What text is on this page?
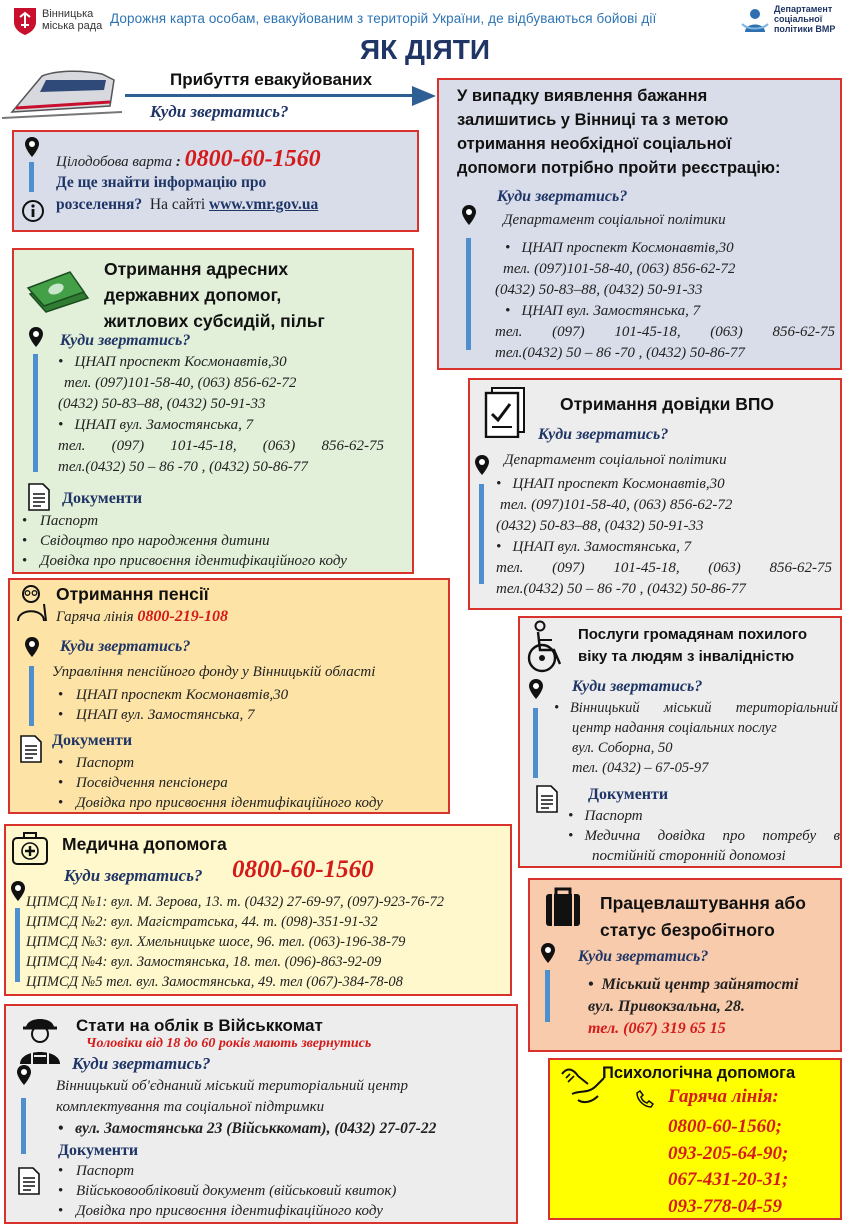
Вінницька міська рада Дорожня карта особам, евакуйованим з територій України, де відбуваються бойові дії
Департамент соціальної політики ВМР
ЯК ДІЯТИ
Прибуття евакуйованих
Куди звертатись?
Цілодобова варта : 0800-60-1560
Де ще знайти інформацію про
розселення? На сайті www.vmr.gov.ua
У випадку виявлення бажання
залишитись у Вінниці та з метою
отримання необхідної соціальної
допомоги потрібно пройти реєстрацію:
Куди звертатись?
Департамент соціальної політики
•   ЦНАП проспект Космонавтів,30
тел. (097)101-58-40, (063) 856-62-72
(0432) 50-83–88, (0432) 50-91-33
•   ЦНАП вул. Замостянська, 7
тел. (097) 101-45-18, (063) 856-62-75
тел.(0432) 50 – 86 -70 , (0432) 50-86-77
Отримання адресних
державних допомог,
житлових субсидій, пільг
Куди звертатись?
•   ЦНАП проспект Космонавтів,30
тел. (097)101-58-40, (063) 856-62-72
(0432) 50-83–88, (0432) 50-91-33
•   ЦНАП вул. Замостянська, 7
тел. (097) 101-45-18, (063) 856-62-75
тел.(0432) 50 – 86 -70 , (0432) 50-86-77
Документи
• Паспорт
• Свідоцтво про народження дитини
• Довідка про присвоєння ідентифікаційного коду
Отримання довідки ВПО
Куди звертатись?
Департамент соціальної політики
•   ЦНАП проспект Космонавтів,30
тел. (097)101-58-40, (063) 856-62-72
(0432) 50-83–88, (0432) 50-91-33
•   ЦНАП вул. Замостянська, 7
тел. (097) 101-45-18, (063) 856-62-75
тел.(0432) 50 – 86 -70 , (0432) 50-86-77
Отримання пенсії
Гаряча лінія 0800-219-108
Куди звертатись?
Управління пенсійного фонду у Вінницькій області
• ЦНАП проспект Космонавтів,30
• ЦНАП вул. Замостянська, 7
Документи
• Паспорт
• Посвідчення пенсіонера
• Довідка про присвоєння ідентифікаційного коду
Послуги громадянам похилого
віку та людям з інвалідністю
Куди звертатись?
•   Вінницький міський територіальний
центр надання соціальних послуг
вул. Соборна, 50
тел. (0432) – 67-05-97
Документи
•   Паспорт
•   Медична довідка про потребу в
постійній сторонній допомозі
Медична допомога
Куди звертатись? 0800-60-1560
ЦПМСД №1: вул. М. Зерова, 13. т. (0432) 27-69-97, (097)-923-76-72
ЦПМСД №2: вул. Магістратська, 44. т. (098)-351-91-32
ЦПМСД №3: вул. Хмельницьке шосе, 96. тел. (063)-196-38-79
ЦПМСД №4: вул. Замостянська, 18. тел. (096)-863-92-09
ЦПМСД №5 тел. вул. Замостянська, 49. тел (067)-384-78-08
Працевлаштування або
статус безробітного
Куди звертатись?
•  Міський центр зайнятості
вул. Привокзальна, 28.
тел. (067) 319 65 15
Стати на облік в Військкомат
Чоловіки від 18 до 60 років мають звернутись
Куди звертатись?
Вінницький об'єднаний міський територіальний центр
комплектування та соціальної підтримки
•   вул. Замостянська 23 (Військкомат), (0432) 27-07-22
Документи
• Паспорт
• Військовообліковий документ (військовий квиток)
• Довідка про присвоєння ідентифікаційного коду
Психологічна допомога
Гаряча лінія:
0800-60-1560;
093-205-64-90;
067-431-20-31;
093-778-04-59
